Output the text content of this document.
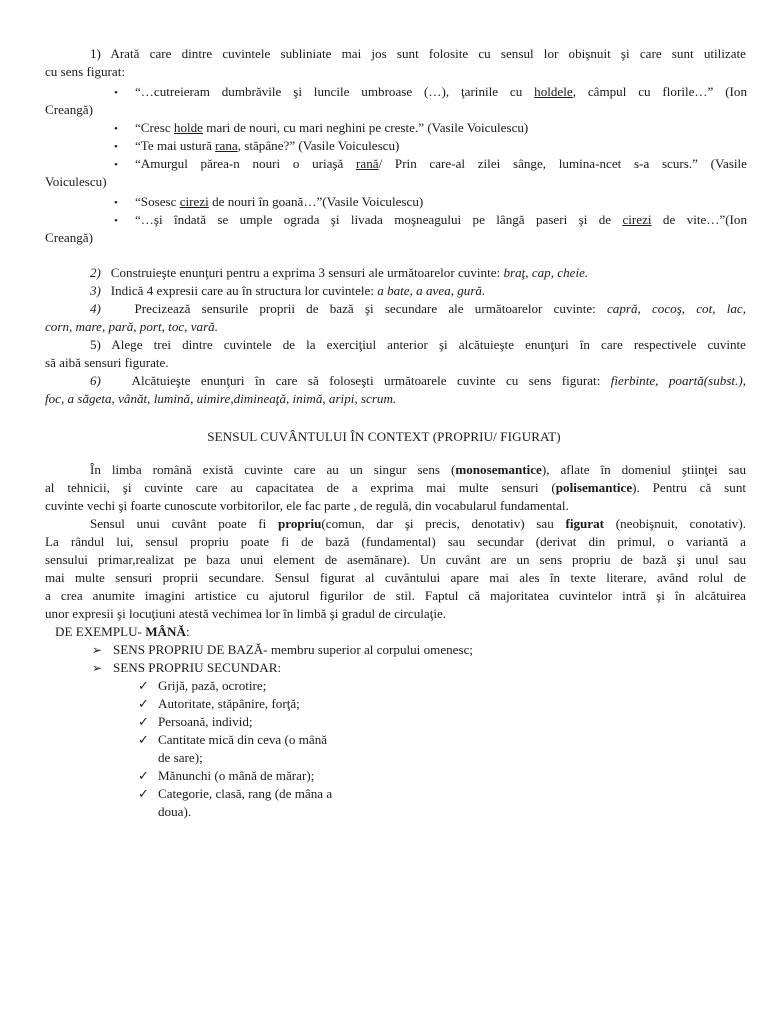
1) Arată care dintre cuvintele subliniate mai jos sunt folosite cu sensul lor obişnuit şi care sunt utilizate
cu sens figurat:
• “…cutreieram dumbrăvile şi luncile umbroase (…), ţarinile cu holdele, câmpul cu florile…” (Ion
Creangă)
• “Cresc holde mari de nouri, cu mari neghini pe creste.” (Vasile Voiculescu)
• “Te mai ustură rana, stăpâne?” (Vasile Voiculescu)
• “Amurgul părea-n nouri o uriaşă rană/ Prin care-al zilei sânge, lumina-ncet s-a scurs.” (Vasile
Voiculescu)
• “Sosesc cirezi de nouri în goană…”(Vasile Voiculescu)
• “…şi îndată se umple ograda şi livada moşneagului pe lângă paseri şi de cirezi de vite…”(Ion
Creangă)
2) Construieşte enunţuri pentru a exprima 3 sensuri ale următoarelor cuvinte: braţ, cap, cheie.
3) Indică 4 expresii care au în structura lor cuvintele: a bate, a avea, gură.
4)	Precizează sensurile proprii de bază şi secundare ale următoarelor cuvinte: capră, cocoş, cot, lac,
corn, mare, pară, port, toc, vară.
5) Alege trei dintre cuvintele de la exerciţiul anterior şi alcătuieşte enunţuri în care respectivele cuvinte
să aibă sensuri figurate.
6) Alcătuieşte enunţuri în care să foloseşti următoarele cuvinte cu sens figurat: fierbinte, poartă(subst.),
foc, a săgeta, vânăt, lumină, uimire,dimineaţă, inimă, aripi, scrum.
SENSUL CUVÂNTULUI ÎN CONTEXT (PROPRIU/ FIGURAT)
În limba română există cuvinte care au un singur sens (monosemantice), aflate în domeniul ştiinţei sau
al tehnicii, şi cuvinte care au capacitatea de a exprima mai multe sensuri (polisemantice). Pentru că sunt
cuvinte vechi şi foarte cunoscute vorbitorilor, ele fac parte , de regulă, din vocabularul fundamental.
Sensul unui cuvânt poate fi propriu(comun, dar şi precis, denotativ) sau figurat (neobişnuit, conotativ).
La rândul lui, sensul propriu poate fi de bază (fundamental) sau secundar (derivat din primul, o variantă a
sensului primar,realizat pe baza unui element de asemănare). Un cuvânt are un sens propriu de bază şi unul sau
mai multe sensuri proprii secundare. Sensul figurat al cuvântului apare mai ales în texte literare, având rolul de
a crea anumite imagini artistice cu ajutorul figurilor de stil. Faptul că majoritatea cuvintelor intră şi în alcătuirea
unor expresii şi locuţiuni atestă vechimea lor în limbă şi gradul de circulaţie.
DE EXEMPLU- MÂNĂ:
➢ SENS PROPRIU DE BAZĂ- membru superior al corpului omenesc;
➢ SENS PROPRIU SECUNDAR:
✓ Grijă, pază, ocrotire;
✓ Autoritate, stăpânire, forţă;
✓ Persoană, individ;
✓ Cantitate mică din ceva (o mână
de sare);
✓ Mănunchi (o mână de mărar);
✓ Categorie, clasă, rang (de mâna a
doua).
